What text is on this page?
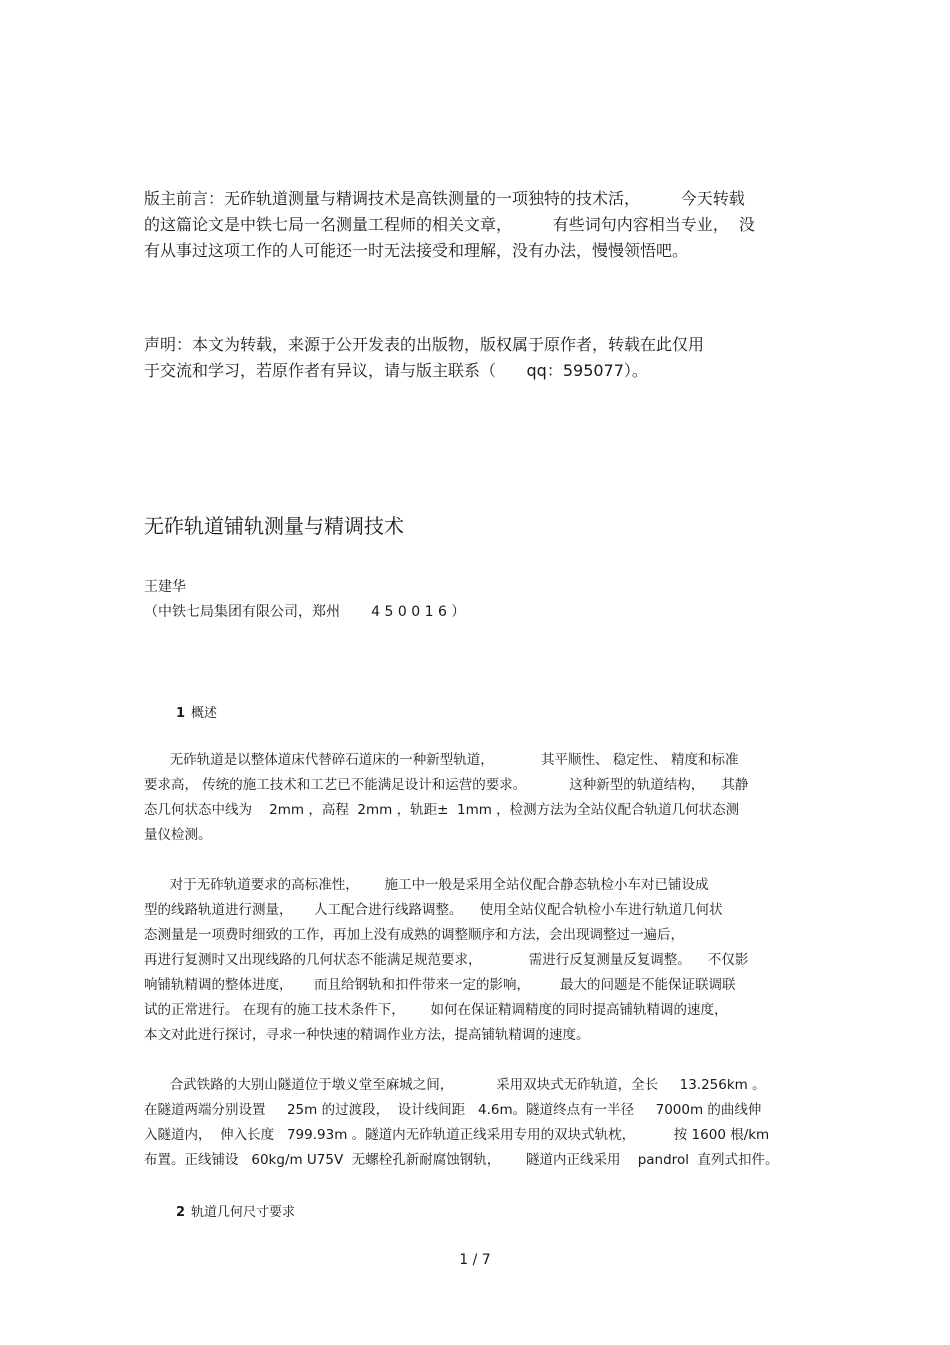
版主前言：无砟轨道测量与精调技术是高铁测量的一项独特的技术活，        今天转载
的这篇论文是中铁七局一名测量工程师的相关文章，        有些词句内容相当专业，  没
有从事过这项工作的人可能还一时无法接受和理解，没有办法，慢慢领悟吧。
声明：本文为转载，来源于公开发表的出版物，版权属于原作者，转载在此仅用
于交流和学习，若原作者有异议，请与版主联系（      qq：595077）。
无砟轨道铺轨测量与精调技术
王建华
（中铁七局集团有限公司，郑州       4 5 0 0 1 6 ）
1 概述
无砟轨道是以整体道床代替碎石道床的一种新型轨道，           其平顺性、 稳定性、 精度和标准
要求高， 传统的施工技术和工艺已不能满足设计和运营的要求。          这种新型的轨道结构，    其静
态几何状态中线为    2mm ，高程  2mm ，轨距±  1mm ，检测方法为全站仪配合轨道几何状态测
量仪检测。
对于无砟轨道要求的高标准性，      施工中一般是采用全站仪配合静态轨检小车对已铺设成
型的线路轨道进行测量，     人工配合进行线路调整。    使用全站仪配合轨检小车进行轨道几何状
态测量是一项费时细致的工作，再加上没有成熟的调整顺序和方法，会出现调整过一遍后，
再进行复测时又出现线路的几何状态不能满足规范要求，           需进行反复测量反复调整。    不仅影
响铺轨精调的整体进度，     而且给钢轨和扣件带来一定的影响，       最大的问题是不能保证联调联
试的正常进行。 在现有的施工技术条件下，      如何在保证精调精度的同时提高铺轨精调的速度，
本文对此进行探讨，寻求一种快速的精调作业方法，提高铺轨精调的速度。
合武铁路的大别山隧道位于墩义堂至麻城之间，          采用双块式无砟轨道，全长     13.256km 。
在隧道两端分别设置     25m 的过渡段，  设计线间距   4.6m。隧道终点有一半径     7000m 的曲线伸
入隧道内，  伸入长度   799.93m 。隧道内无砟轨道正线采用专用的双块式轨枕，         按 1600 根/km
布置。正线铺设   60kg/m U75V  无螺栓孔新耐腐蚀钢轨，      隧道内正线采用    pandrol  直列式扣件。
2 轨道几何尺寸要求
1 / 7
